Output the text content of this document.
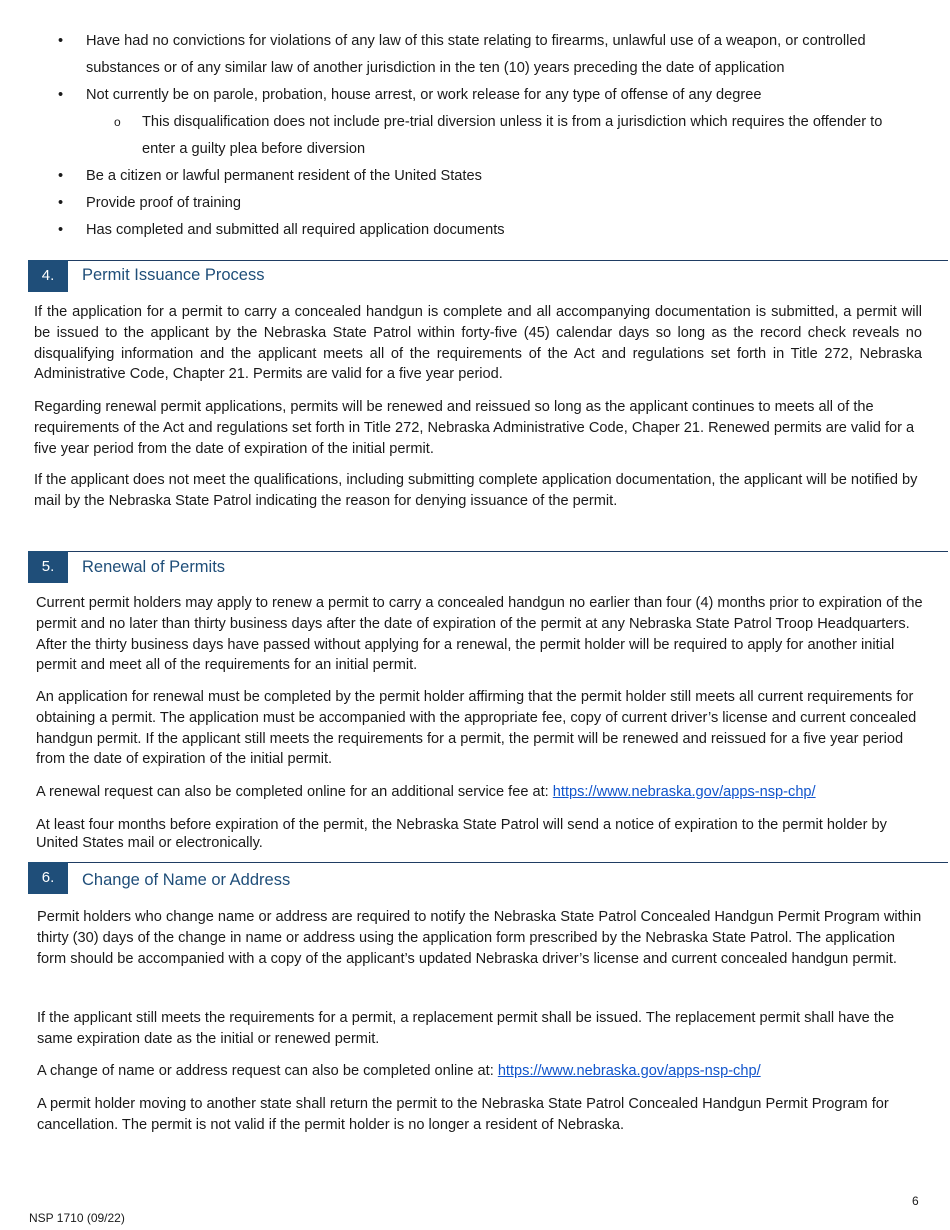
• Have had no convictions for violations of any law of this state relating to firearms, unlawful use of a weapon, or controlled substances or of any similar law of another jurisdiction in the ten (10) years preceding the date of application
• Not currently be on parole, probation, house arrest, or work release for any type of offense of any degree
o This disqualification does not include pre-trial diversion unless it is from a jurisdiction which requires the offender to enter a guilty plea before diversion
• Be a citizen or lawful permanent resident of the United States
• Provide proof of training
• Has completed and submitted all required application documents
4.	Permit Issuance Process

If the application for a permit to carry a concealed handgun is complete and all accompanying documentation is submitted, a permit will be issued to the applicant by the Nebraska State Patrol within forty-five (45) calendar days so long as the record check reveals no disqualifying information and the applicant meets all of the requirements of the Act and regulations set forth in Title 272, Nebraska Administrative Code, Chapter 21. Permits are valid for a five year period.

Regarding renewal permit applications, permits will be renewed and reissued so long as the applicant continues to meets all of the requirements of the Act and regulations set forth in Title 272, Nebraska Administrative Code, Chaper 21. Renewed permits are valid for a five year period from the date of expiration of the initial permit.

If the applicant does not meet the qualifications, including submitting complete application documentation, the applicant will be notified by mail by the Nebraska State Patrol indicating the reason for denying issuance of the permit.

5.	Renewal of Permits

Current permit holders may apply to renew a permit to carry a concealed handgun no earlier than four (4) months prior to expiration of the permit and no later than thirty business days after the date of expiration of the permit at any Nebraska State Patrol Troop Headquarters. After the thirty business days have passed without applying for a renewal, the permit holder will be required to apply for another initial permit and meet all of the requirements for an initial permit.

An application for renewal must be completed by the permit holder affirming that the permit holder still meets all current requirements for obtaining a permit. The application must be accompanied with the appropriate fee, copy of current driver’s license and current concealed handgun permit. If the applicant still meets the requirements for a permit, the permit will be renewed and reissued for a five year period from the date of expiration of the initial permit.

A renewal request can also be completed online for an additional service fee at: https://www.nebraska.gov/apps-nsp-chp/

At least four months before expiration of the permit, the Nebraska State Patrol will send a notice of expiration to the permit holder by United States mail or electronically.

6.	Change of Name or Address

Permit holders who change name or address are required to notify the Nebraska State Patrol Concealed Handgun Permit Program within thirty (30) days of the change in name or address using the application form prescribed by the Nebraska State Patrol. The application form should be accompanied with a copy of the applicant’s updated Nebraska driver’s license and current concealed handgun permit.

If the applicant still meets the requirements for a permit, a replacement permit shall be issued. The replacement permit shall have the same expiration date as the initial or renewed permit.

A change of name or address request can also be completed online at: https://www.nebraska.gov/apps-nsp-chp/

A permit holder moving to another state shall return the permit to the Nebraska State Patrol Concealed Handgun Permit Program for cancellation. The permit is not valid if the permit holder is no longer a resident of Nebraska.

6
NSP 1710 (09/22)
